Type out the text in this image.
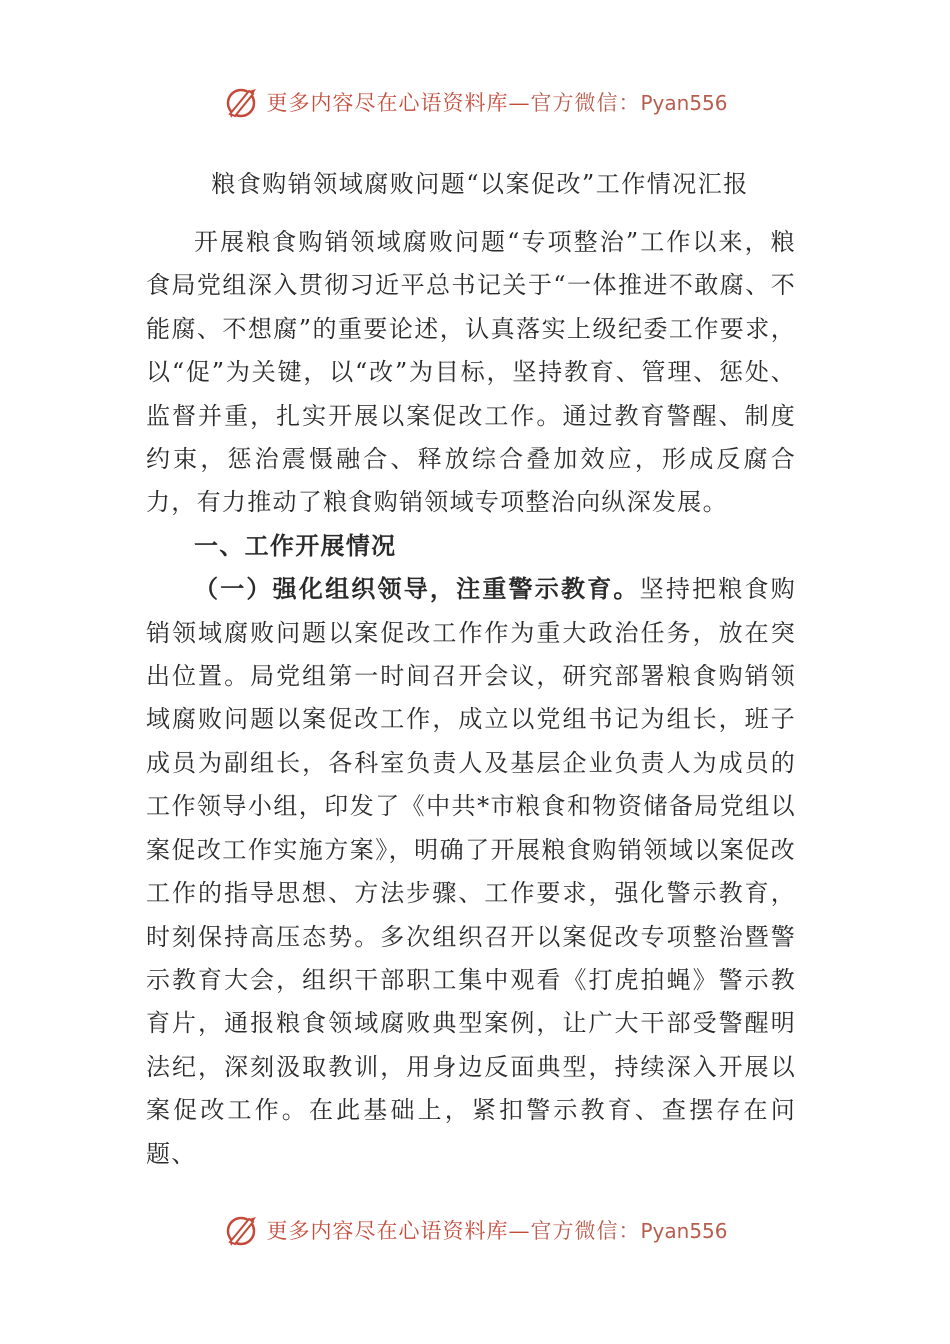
更多内容尽在心语资料库—官方微信：Pyan556
粮食购销领域腐败问题“以案促改”工作情况汇报

开展粮食购销领域腐败问题“专项整治”工作以来，粮食局党组深入贯彻习近平总书记关于“一体推进不敢腐、不能腐、不想腐”的重要论述，认真落实上级纪委工作要求，以“促”为关键，以“改”为目标，坚持教育、管理、惩处、监督并重，扎实开展以案促改工作。通过教育警醒、制度约束，惩治震慑融合、释放综合叠加效应，形成反腐合力，有力推动了粮食购销领域专项整治向纵深发展。

一、工作开展情况

（一）强化组织领导，注重警示教育。坚持把粮食购销领域腐败问题以案促改工作作为重大政治任务，放在突出位置。局党组第一时间召开会议，研究部署粮食购销领域腐败问题以案促改工作，成立以党组书记为组长，班子成员为副组长，各科室负责人及基层企业负责人为成员的工作领导小组，印发了《中共*市粮食和物资储备局党组以案促改工作实施方案》，明确了开展粮食购销领域以案促改工作的指导思想、方法步骤、工作要求，强化警示教育，时刻保持高压态势。多次组织召开以案促改专项整治暨警示教育大会，组织干部职工集中观看《打虎拍蝇》警示教育片，通报粮食领域腐败典型案例，让广大干部受警醒明法纪，深刻汲取教训，用身边反面典型，持续深入开展以案促改工作。在此基础上，紧扣警示教育、查摆存在问题、

更多内容尽在心语资料库—官方微信：Pyan556
